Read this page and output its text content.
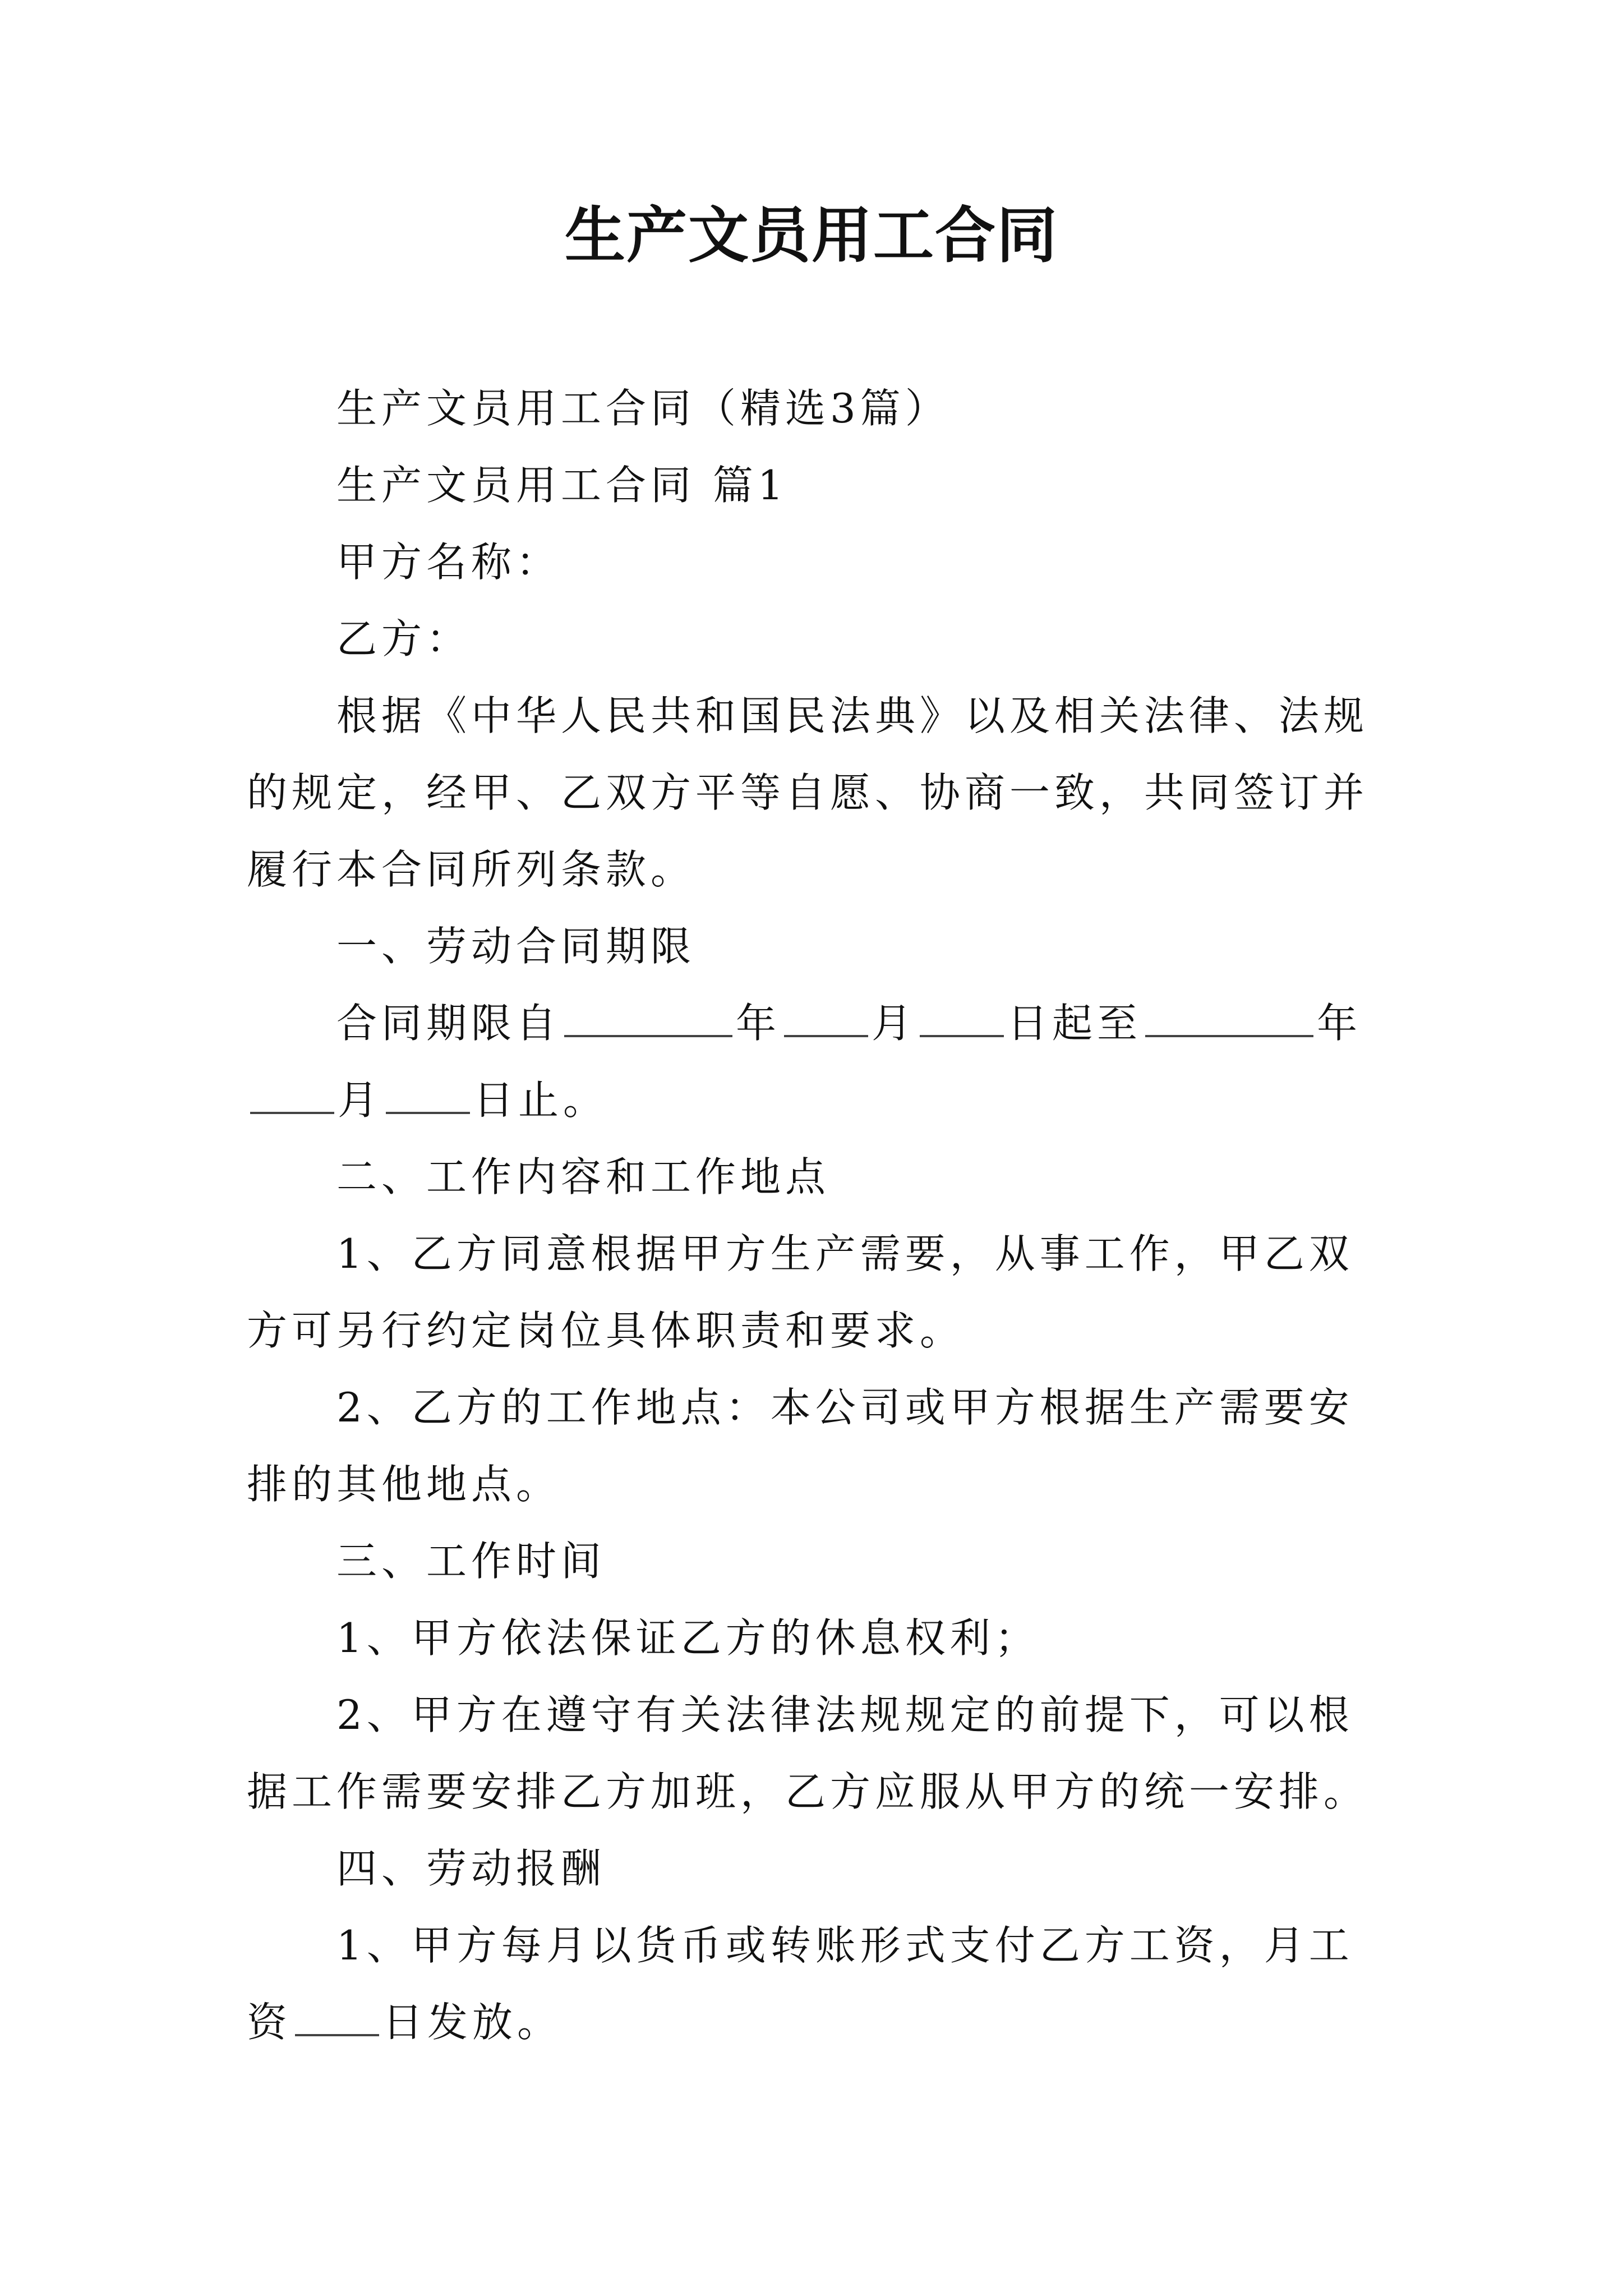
生产文员用工合同

生产文员用工合同（精选3篇）

生产文员用工合同 篇1

甲方名称：

乙方：

根据《中华人民共和国民法典》以及相关法律、法规的规定，经甲、乙双方平等自愿、协商一致，共同签订并履行本合同所列条款。

一、劳动合同期限

合同期限自	年 月 日起至	年月 日止。

二、工作内容和工作地点

1、乙方同意根据甲方生产需要，从事工作，甲乙双方可另行约定岗位具体职责和要求。

2、乙方的工作地点：本公司或甲方根据生产需要安排的其他地点。

三、工作时间

1、甲方依法保证乙方的休息权利；

2、甲方在遵守有关法律法规规定的前提下，可以根据工作需要安排乙方加班，乙方应服从甲方的统一安排。

四、劳动报酬

1、甲方每月以货币或转账形式支付乙方工资，月工资 日发放。
